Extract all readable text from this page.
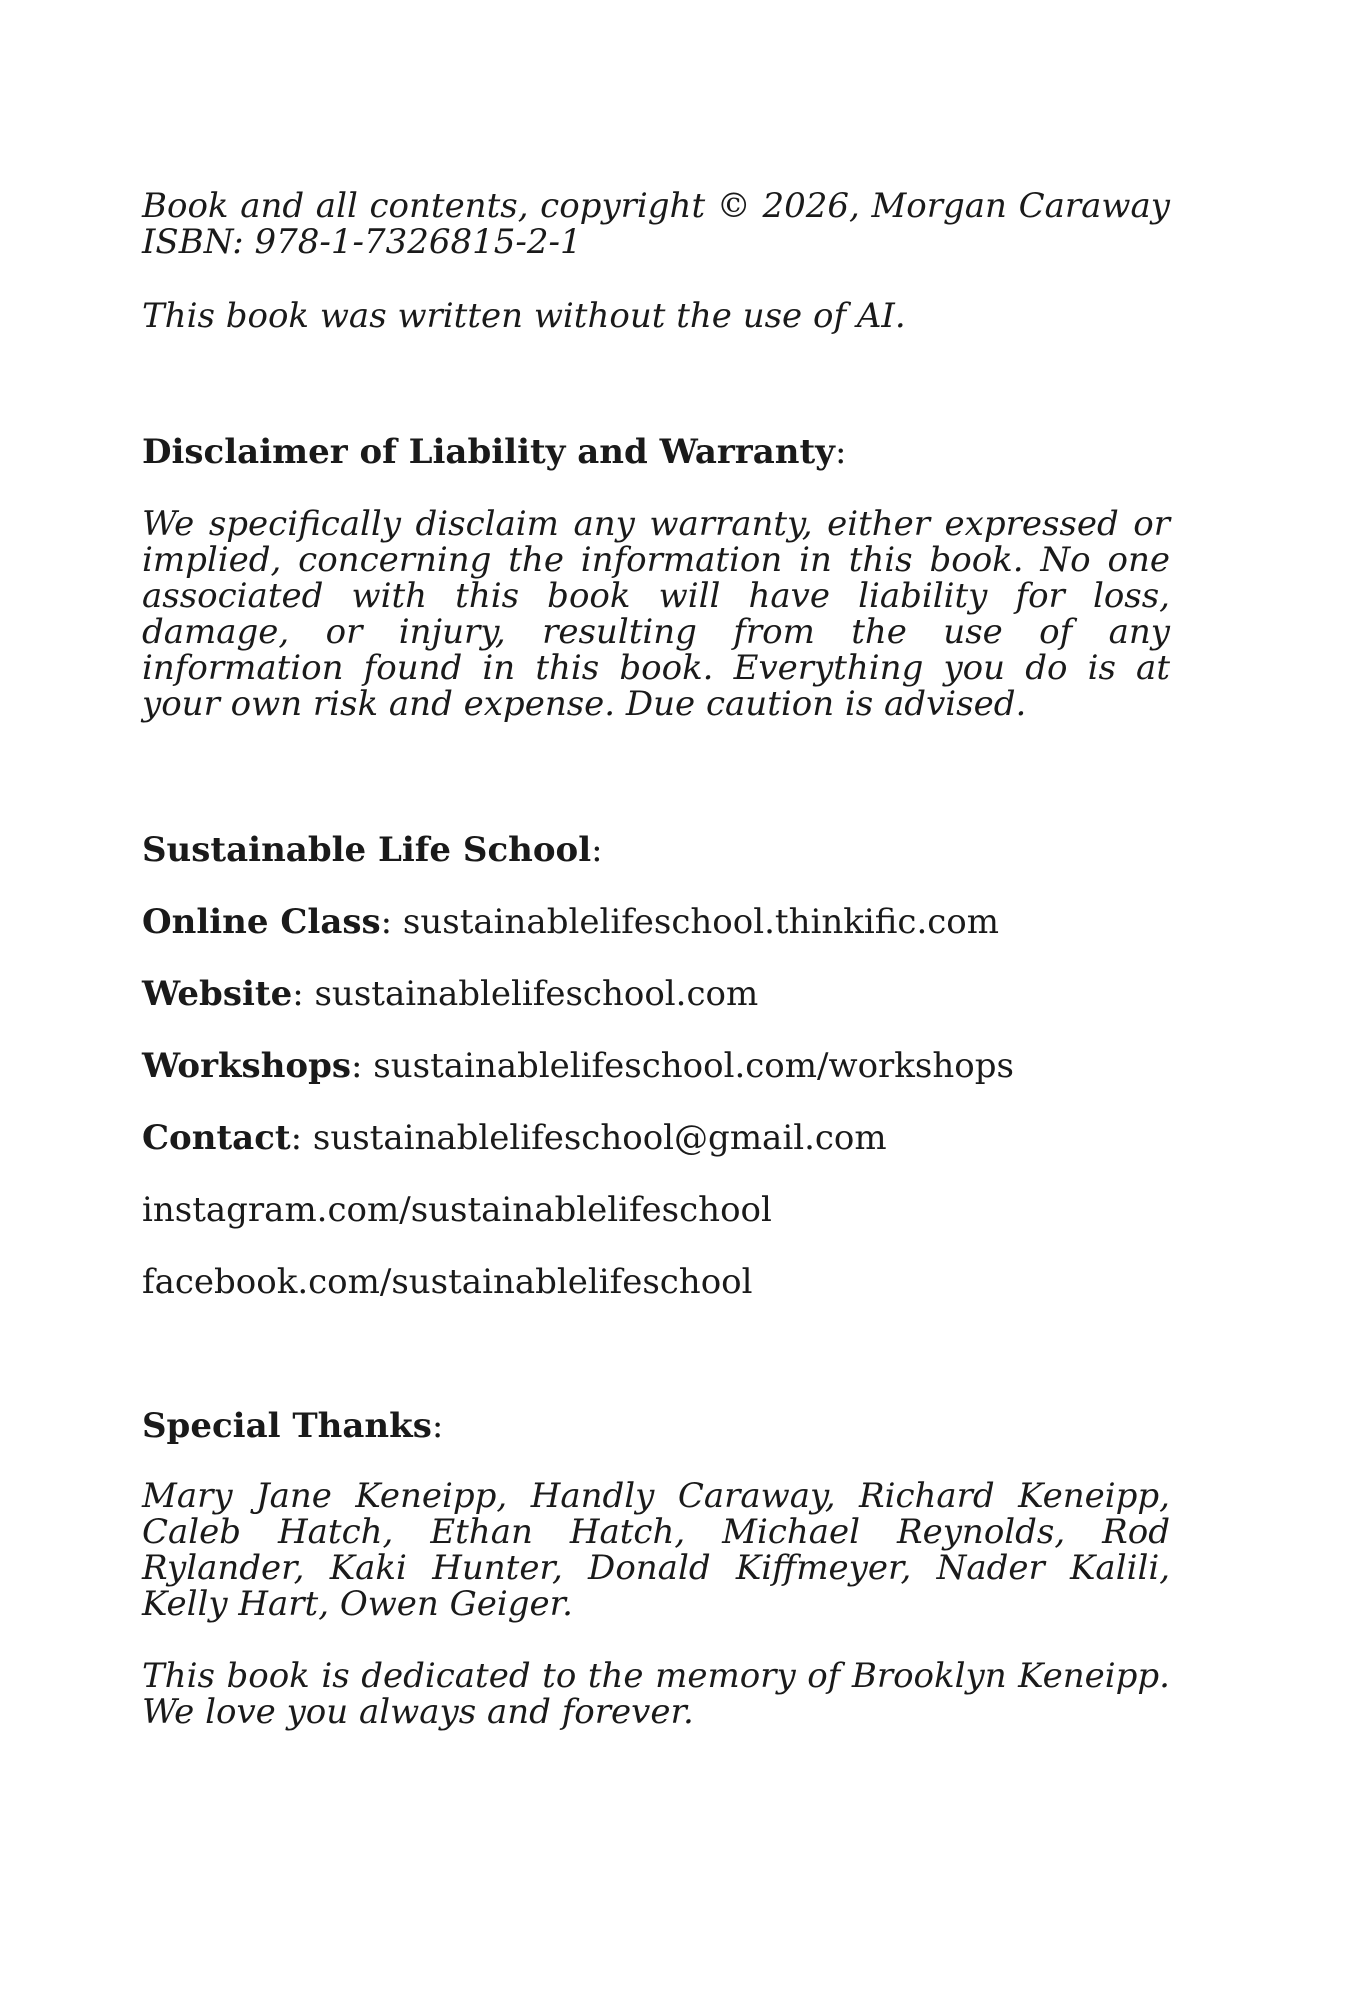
Book and all contents, copyright © 2026, Morgan Caraway

ISBN: 978-1-7326815-2-1

This book was written without the use of AI.

Disclaimer of Liability and Warranty:

We specifically disclaim any warranty, either expressed or implied, concerning the information in this book. No one associated with this book will have liability for loss, damage, or injury, resulting from the use of any information found in this book. Everything you do is at your own risk and expense. Due caution is advised.

Sustainable Life School:

Online Class: sustainablelifeschool.thinkific.com

Website: sustainablelifeschool.com

Workshops: sustainablelifeschool.com/workshops

Contact: sustainablelifeschool@gmail.com

instagram.com/sustainablelifeschool

facebook.com/sustainablelifeschool

Special Thanks:

Mary Jane Keneipp, Handly Caraway, Richard Keneipp, Caleb Hatch, Ethan Hatch, Michael Reynolds, Rod Rylander, Kaki Hunter, Donald Kiffmeyer, Nader Kalili, Kelly Hart, Owen Geiger.

This book is dedicated to the memory of Brooklyn Keneipp. We love you always and forever.
